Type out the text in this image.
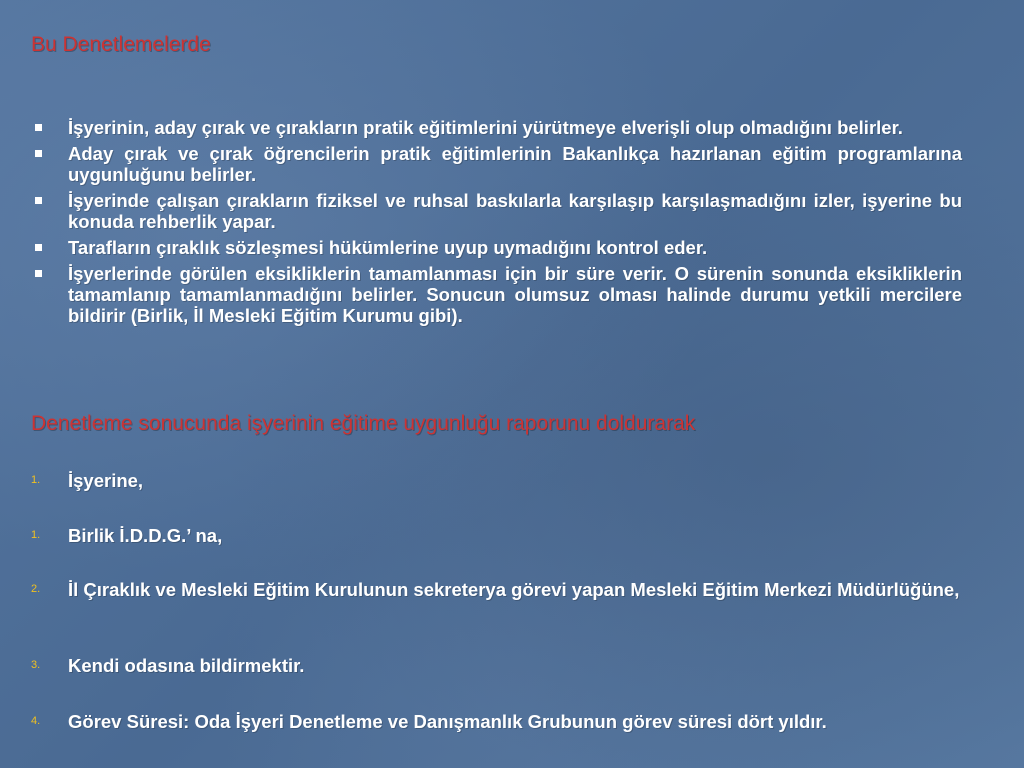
Bu Denetlemelerde
İşyerinin, aday çırak ve çırakların pratik eğitimlerini yürütmeye elverişli olup olmadığını belirler.
Aday çırak ve çırak öğrencilerin pratik eğitimlerinin Bakanlıkça hazırlanan eğitim programlarına uygunluğunu belirler.
İşyerinde çalışan çırakların fiziksel ve ruhsal baskılarla karşılaşıp karşılaşmadığını izler, işyerine bu konuda rehberlik yapar.
Tarafların çıraklık sözleşmesi hükümlerine uyup uymadığını kontrol eder.
İşyerlerinde görülen eksikliklerin tamamlanması için bir süre verir. O sürenin sonunda eksikliklerin tamamlanıp tamamlanmadığını belirler. Sonucun olumsuz olması halinde durumu yetkili mercilere bildirir (Birlik, İl Mesleki Eğitim Kurumu gibi).
Denetleme sonucunda işyerinin eğitime uygunluğu raporunu doldurarak
1. İşyerine,
1. Birlik İ.D.D.G.’ na,
2. İl Çıraklık ve Mesleki Eğitim Kurulunun sekreterya görevi yapan Mesleki Eğitim Merkezi Müdürlüğüne,
3. Kendi odasına bildirmektir.
4. Görev Süresi: Oda İşyeri Denetleme ve Danışmanlık Grubunun görev süresi dört yıldır.
